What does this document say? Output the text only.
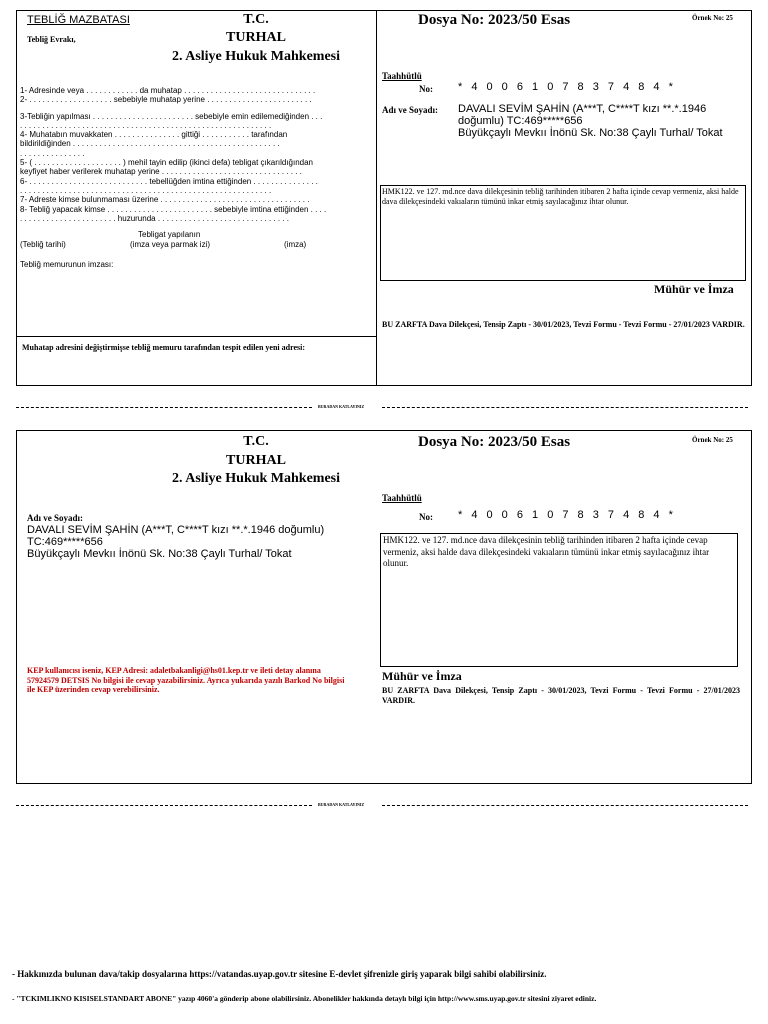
TEBLİĞ MAZBATASI
Tebliğ Evrakı,
T.C.
TURHAL
2. Asliye Hukuk Mahkemesi
Dosya No: 2023/50 Esas	Örnek No: 25
Taahhütlü
No: * 4 0 0 6 1 0 7 8 3 7 4 8 4 *
Adı ve Soyadı: DAVALI SEVİM ŞAHİN (A***T, C****T kızı **.*.1946
doğumlu) TC:469*****656
Büyükçaylı Mevkıı İnönü Sk. No:38 Çaylı Turhal/ Tokat
1- Adresinde veya . . . . . . . . . . . . da muhatap . . . . . . . . . . . . . . . . . . . . . . . . . . . . . .
2- . . . . . . . . . . . . . . . . . . . sebebiyle muhatap yerine . . . . . . . . . . . . . . . . . . . . . . . .
3-Tebliğin yapılması . . . . . . . . . . . . . . . . . . . . . . . sebebiyle emin edilemediğinden . . .
. . . . . . . . . . . . . . . . . . . . . . . . . . . . . . . . . . . . . . . . . . . . . . . . . . . . . . . . .
4- Muhatabın muvakkaten . . . . . . . . . . . . . . . gittiği . . . . . . . . . . . tarafından
bildirildiğinden . . . . . . . . . . . . . . . . . . . . . . . . . . . . . . . . . . . . . . . . . . . . . . .
. . . . . . . . . . . . . . .
5- ( . . . . . . . . . . . . . . . . . . . . ) mehil tayin edilip (ikinci defa) tebligat çıkarıldığından
keyfiyet haber verilerek muhatap yerine . . . . . . . . . . . . . . . . . . . . . . . . . . . . . . . .
6- . . . . . . . . . . . . . . . . . . . . . . . . . . . tebellüğden imtina ettiğinden . . . . . . . . . . . . . . .
. . . . . . . . . . . . . . . . . . . . . . . . . . . . . . . . . . . . . . . . . . . . . . . . . . . . . . . . .
7- Adreste kimse bulunmaması üzerine . . . . . . . . . . . . . . . . . . . . . . . . . . . . . . . . . .
8- Tebliğ yapacak kimse . . . . . . . . . . . . . . . . . . . . . . . . sebebiyle imtina ettiğinden . . . .
. . . . . . . . . . . . . . . . . . . . . . huzurunda . . . . . . . . . . . . . . . . . . . . . . . . . . . . . .
Tebligat yapılanın
(Tebliğ tarihi)	(imza veya parmak izi)	(imza)
Tebliğ memurunun imzası:
HMK122. ve 127. md.nce dava dilekçesinin tebliğ tarihinden itibaren 2 hafta içinde cevap vermeniz, aksi halde dava dilekçesindeki vakıaların tümünü inkar etmiş sayılacağınız ihtar olunur.
Mühür ve İmza
BU ZARFTA Dava Dilekçesi, Tensip Zaptı - 30/01/2023, Tevzi Formu - Tevzi Formu - 27/01/2023 VARDIR.
Muhatap adresini değiştirmişse tebliğ memuru tarafından tespit edilen yeni adresi:
BURADAN KATLAYINIZ
T.C.
TURHAL
2. Asliye Hukuk Mahkemesi
Dosya No: 2023/50 Esas	Örnek No: 25
Taahhütlü
No: * 4 0 0 6 1 0 7 8 3 7 4 8 4 *
Adı ve Soyadı:
DAVALI SEVİM ŞAHİN (A***T, C****T kızı **.*.1946 doğumlu)
TC:469*****656
Büyükçaylı Mevkıı İnönü Sk. No:38 Çaylı Turhal/ Tokat
HMK122. ve 127. md.nce dava dilekçesinin tebliğ tarihinden itibaren 2 hafta içinde cevap vermeniz, aksi halde dava dilekçesindeki vakıaların tümünü inkar etmiş sayılacağınız ihtar olunur.
KEP kullanıcısı iseniz, KEP Adresi: adaletbakanligi@hs01.kep.tr ve ileti detay alanına 57924579 DETSIS No bilgisi ile cevap yazabilirsiniz. Ayrıca yukarıda yazılı Barkod No bilgisi ile KEP üzerinden cevap verebilirsiniz.
Mühür ve İmza
BU ZARFTA Dava Dilekçesi, Tensip Zaptı - 30/01/2023, Tevzi Formu - Tevzi Formu - 27/01/2023 VARDIR.
BURADAN KATLAYINIZ
- Hakkınızda bulunan dava/takip dosyalarına https://vatandas.uyap.gov.tr sitesine E-devlet şifrenizle giriş yaparak bilgi sahibi olabilirsiniz.
- "TCKIMLIKNO KISISELSTANDART ABONE" yazıp 4060'a gönderip abone olabilirsiniz. Abonelikler hakkında detaylı bilgi için http://www.sms.uyap.gov.tr sitesini ziyaret ediniz.
